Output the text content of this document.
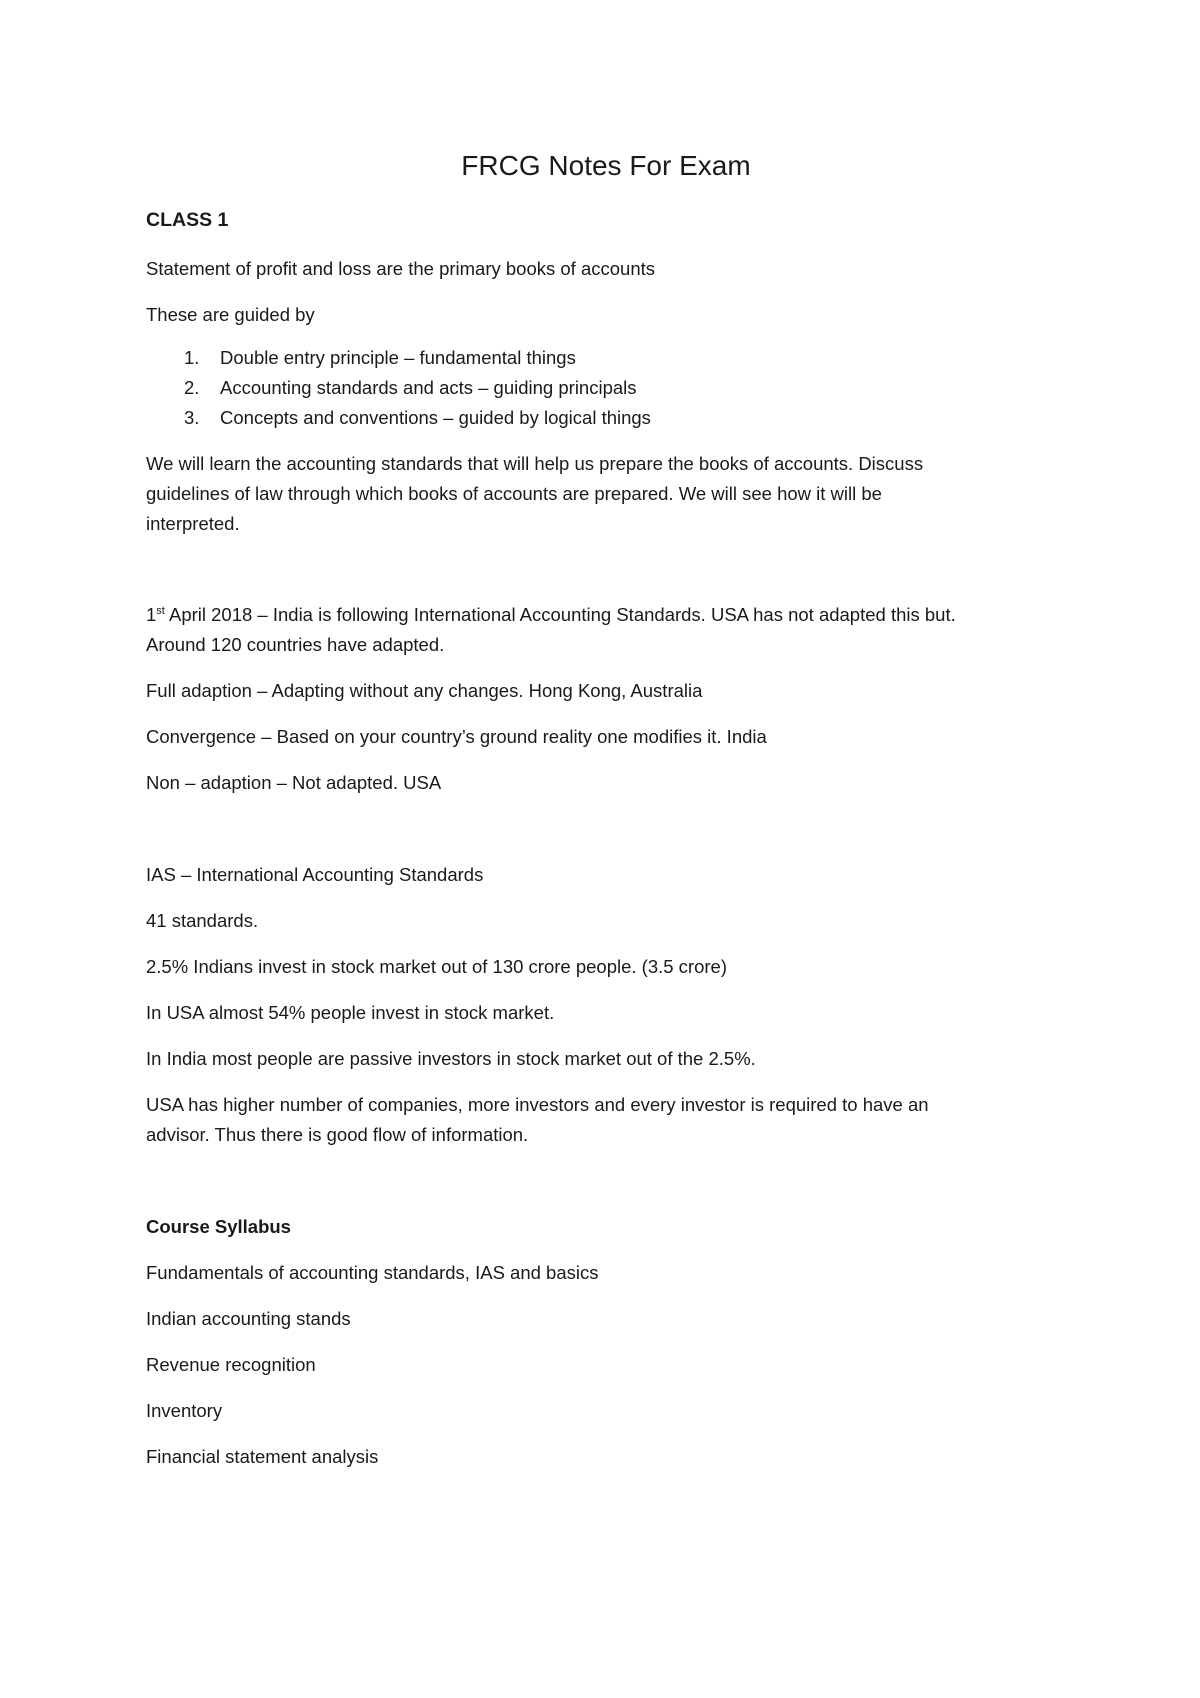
FRCG Notes For Exam
CLASS 1
Statement of profit and loss are the primary books of accounts
These are guided by
1. Double entry principle – fundamental things
2. Accounting standards and acts – guiding principals
3. Concepts and conventions – guided by logical things
We will learn the accounting standards that will help us prepare the books of accounts. Discuss
guidelines of law through which books of accounts are prepared. We will see how it will be
interpreted.
1st April 2018 – India is following International Accounting Standards. USA has not adapted this but.
Around 120 countries have adapted.
Full adaption – Adapting without any changes. Hong Kong, Australia
Convergence – Based on your country’s ground reality one modifies it. India
Non – adaption – Not adapted. USA
IAS – International Accounting Standards
41 standards.
2.5% Indians invest in stock market out of 130 crore people. (3.5 crore)
In USA almost 54% people invest in stock market.
In India most people are passive investors in stock market out of the 2.5%.
USA has higher number of companies, more investors and every investor is required to have an
advisor. Thus there is good flow of information.
Course Syllabus
Fundamentals of accounting standards, IAS and basics
Indian accounting stands
Revenue recognition
Inventory
Financial statement analysis
